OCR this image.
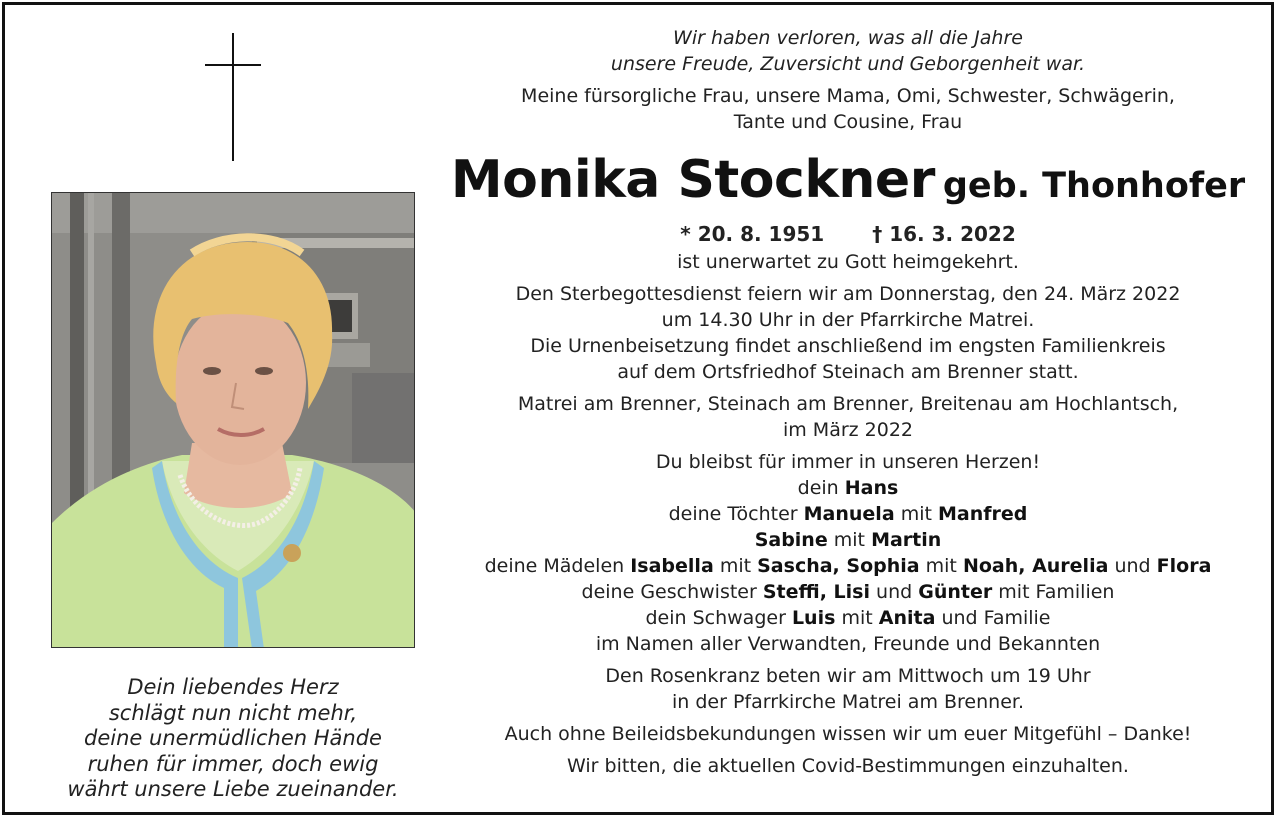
Dein liebendes Herz
schlägt nun nicht mehr,
deine unermüdlichen Hände
ruhen für immer, doch ewig
währt unsere Liebe zueinander.
Wir haben verloren, was all die Jahre
unsere Freude, Zuversicht und Geborgenheit war.
Meine fürsorgliche Frau, unsere Mama, Omi, Schwester, Schwägerin,
Tante und Cousine, Frau
Monika Stockner geb. Thonhofer
* 20. 8. 1951 † 16. 3. 2022
ist unerwartet zu Gott heimgekehrt.
Den Sterbegottesdienst feiern wir am Donnerstag, den 24. März 2022
um 14.30 Uhr in der Pfarrkirche Matrei.
Die Urnenbeisetzung findet anschließend im engsten Familienkreis
auf dem Ortsfriedhof Steinach am Brenner statt.
Matrei am Brenner, Steinach am Brenner, Breitenau am Hochlantsch,
im März 2022
Du bleibst für immer in unseren Herzen!
dein Hans
deine Töchter Manuela mit Manfred
Sabine mit Martin
deine Mädelen Isabella mit Sascha, Sophia mit Noah, Aurelia und Flora
deine Geschwister Steffi, Lisi und Günter mit Familien
dein Schwager Luis mit Anita und Familie
im Namen aller Verwandten, Freunde und Bekannten
Den Rosenkranz beten wir am Mittwoch um 19 Uhr
in der Pfarrkirche Matrei am Brenner.
Auch ohne Beileidsbekundungen wissen wir um euer Mitgefühl – Danke!
Wir bitten, die aktuellen Covid-Bestimmungen einzuhalten.
